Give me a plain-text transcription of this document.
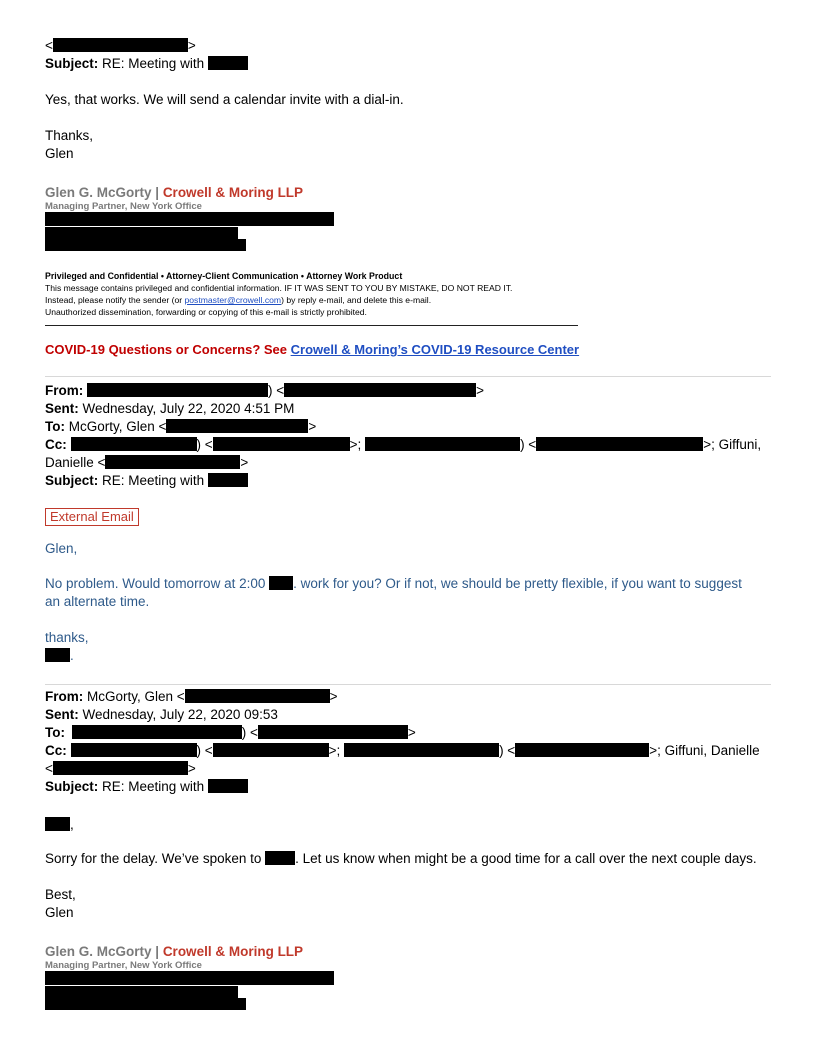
<	>
Subject: RE: Meeting with
Yes, that works. We will send a calendar invite with a dial-in.
Thanks,
Glen
Glen G. McGorty | Crowell & Moring LLP
Managing Partner, New York Office
Privileged and Confidential • Attorney-Client Communication • Attorney Work Product
This message contains privileged and confidential information. IF IT WAS SENT TO YOU BY MISTAKE, DO NOT READ IT.
Instead, please notify the sender (or postmaster@crowell.com) by reply e-mail, and delete this e-mail.
Unauthorized dissemination, forwarding or copying of this e-mail is strictly prohibited.
COVID-19 Questions or Concerns? See Crowell & Moring’s COVID-19 Resource Center
From:	) <	>
Sent: Wednesday, July 22, 2020 4:51 PM
To: McGorty, Glen <	>
Cc:	) <	>;	) <	>; Giffuni,
Danielle <	>
Subject: RE: Meeting with
External Email
Glen,
No problem. Would tomorrow at 2:00 . work for you? Or if not, we should be pretty flexible, if you want to suggest
an alternate time.
thanks,
.
From: McGorty, Glen <	>
Sent: Wednesday, July 22, 2020 09:53
To:	) <	>
Cc:	) <	>;	) <	>; Giffuni, Danielle
<	>
Subject: RE: Meeting with
,
Sorry for the delay. We’ve spoken to . Let us know when might be a good time for a call over the next couple days.
Best,
Glen
Glen G. McGorty | Crowell & Moring LLP
Managing Partner, New York Office
